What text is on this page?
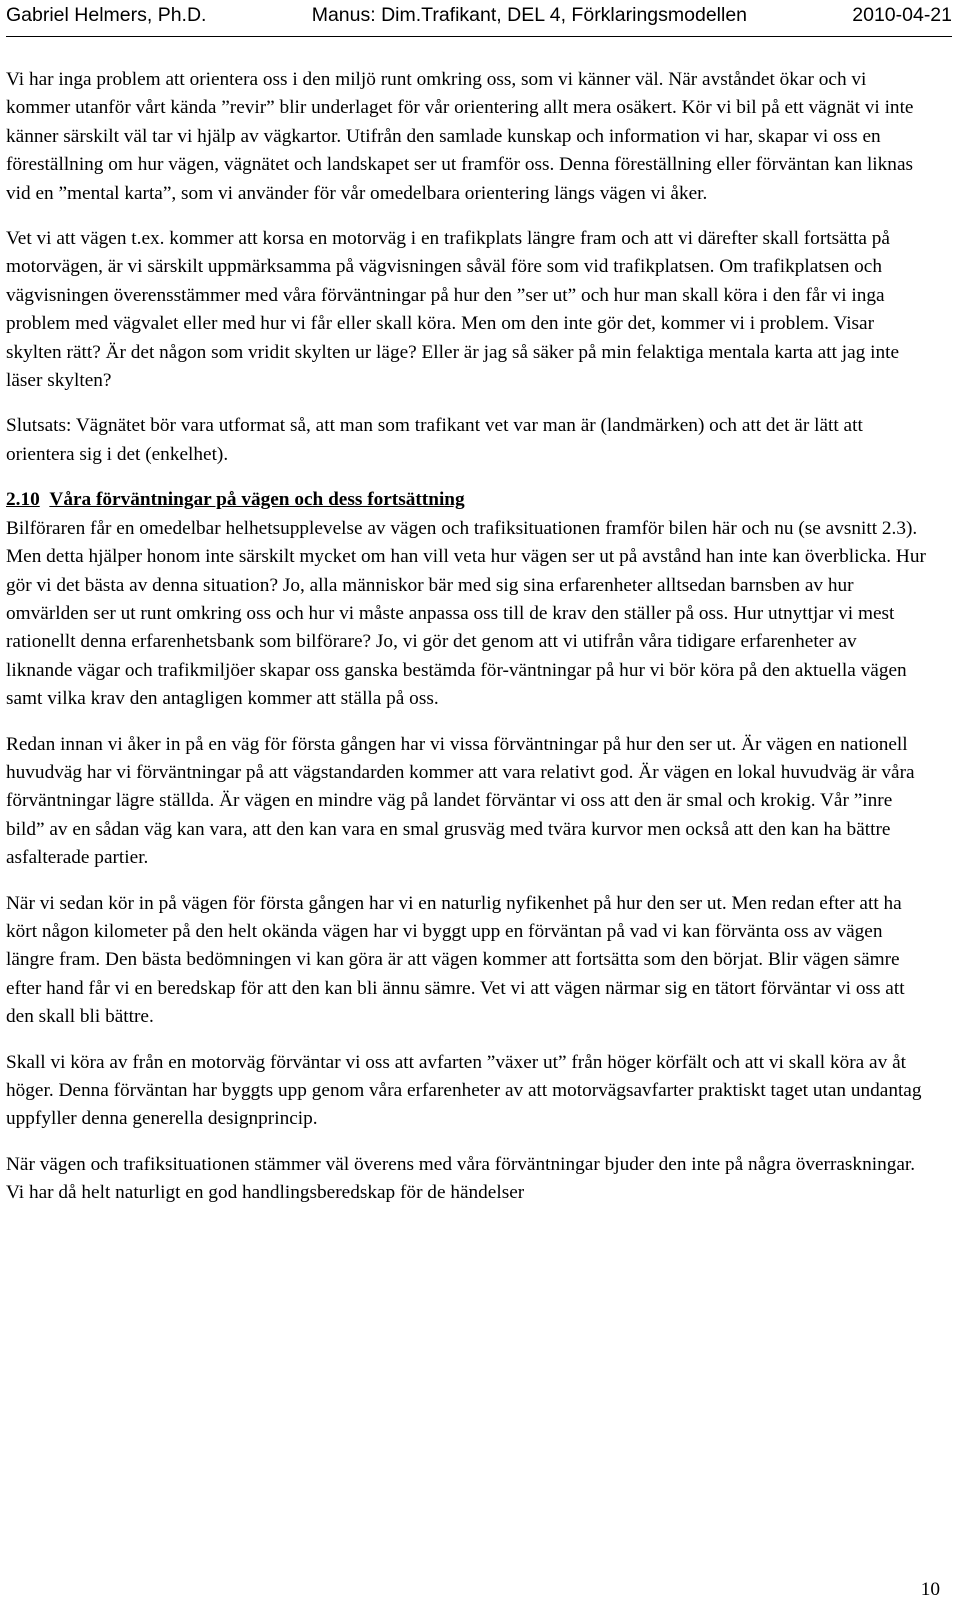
Gabriel Helmers, Ph.D.	Manus: Dim.Trafikant, DEL 4, Förklaringsmodellen	2010-04-21

Vi har inga problem att orientera oss i den miljö runt omkring oss, som vi känner väl. När avståndet ökar och vi kommer utanför vårt kända ”revir” blir underlaget för vår orientering allt mera osäkert. Kör vi bil på ett vägnät vi inte känner särskilt väl tar vi hjälp av vägkartor. Utifrån den samlade kunskap och information vi har, skapar vi oss en föreställning om hur vägen, vägnätet och landskapet ser ut framför oss. Denna föreställning eller förväntan kan liknas vid en ”mental karta”, som vi använder för vår omedelbara orientering längs vägen vi åker.

Vet vi att vägen t.ex. kommer att korsa en motorväg i en trafikplats längre fram och att vi därefter skall fortsätta på motorvägen, är vi särskilt uppmärksamma på vägvisningen såväl före som vid trafikplatsen. Om trafikplatsen och vägvisningen överensstämmer med våra förväntningar på hur den ”ser ut” och hur man skall köra i den får vi inga problem med vägvalet eller med hur vi får eller skall köra. Men om den inte gör det, kommer vi i problem. Visar skylten rätt? Är det någon som vridit skylten ur läge? Eller är jag så säker på min felaktiga mentala karta att jag inte läser skylten?

Slutsats: Vägnätet bör vara utformat så, att man som trafikant vet var man är (landmärken) och att det är lätt att orientera sig i det (enkelhet).

2.10 Våra förväntningar på vägen och dess fortsättning

Bilföraren får en omedelbar helhetsupplevelse av vägen och trafiksituationen framför bilen här och nu (se avsnitt 2.3). Men detta hjälper honom inte särskilt mycket om han vill veta hur vägen ser ut på avstånd han inte kan överblicka. Hur gör vi det bästa av denna situation? Jo, alla människor bär med sig sina erfarenheter alltsedan barnsben av hur omvärlden ser ut runt omkring oss och hur vi måste anpassa oss till de krav den ställer på oss. Hur utnyttjar vi mest rationellt denna erfarenhetsbank som bilförare? Jo, vi gör det genom att vi utifrån våra tidigare erfarenheter av liknande vägar och trafikmiljöer skapar oss ganska bestämda för-väntningar på hur vi bör köra på den aktuella vägen samt vilka krav den antagligen kommer att ställa på oss.

Redan innan vi åker in på en väg för första gången har vi vissa förväntningar på hur den ser ut. Är vägen en nationell huvudväg har vi förväntningar på att vägstandarden kommer att vara relativt god. Är vägen en lokal huvudväg är våra förväntningar lägre ställda. Är vägen en mindre väg på landet förväntar vi oss att den är smal och krokig. Vår ”inre bild” av en sådan väg kan vara, att den kan vara en smal grusväg med tvära kurvor men också att den kan ha bättre asfalterade partier.

När vi sedan kör in på vägen för första gången har vi en naturlig nyfikenhet på hur den ser ut. Men redan efter att ha kört någon kilometer på den helt okända vägen har vi byggt upp en förväntan på vad vi kan förvänta oss av vägen längre fram. Den bästa bedömningen vi kan göra är att vägen kommer att fortsätta som den börjat. Blir vägen sämre efter hand får vi en beredskap för att den kan bli ännu sämre. Vet vi att vägen närmar sig en tätort förväntar vi oss att den skall bli bättre.

Skall vi köra av från en motorväg förväntar vi oss att avfarten ”växer ut” från höger körfält och att vi skall köra av åt höger. Denna förväntan har byggts upp genom våra erfarenheter av att motorvägsavfarter praktiskt taget utan undantag uppfyller denna generella designprincip.

När vägen och trafiksituationen stämmer väl överens med våra förväntningar bjuder den inte på några överraskningar. Vi har då helt naturligt en god handlingsberedskap för de händelser

10
